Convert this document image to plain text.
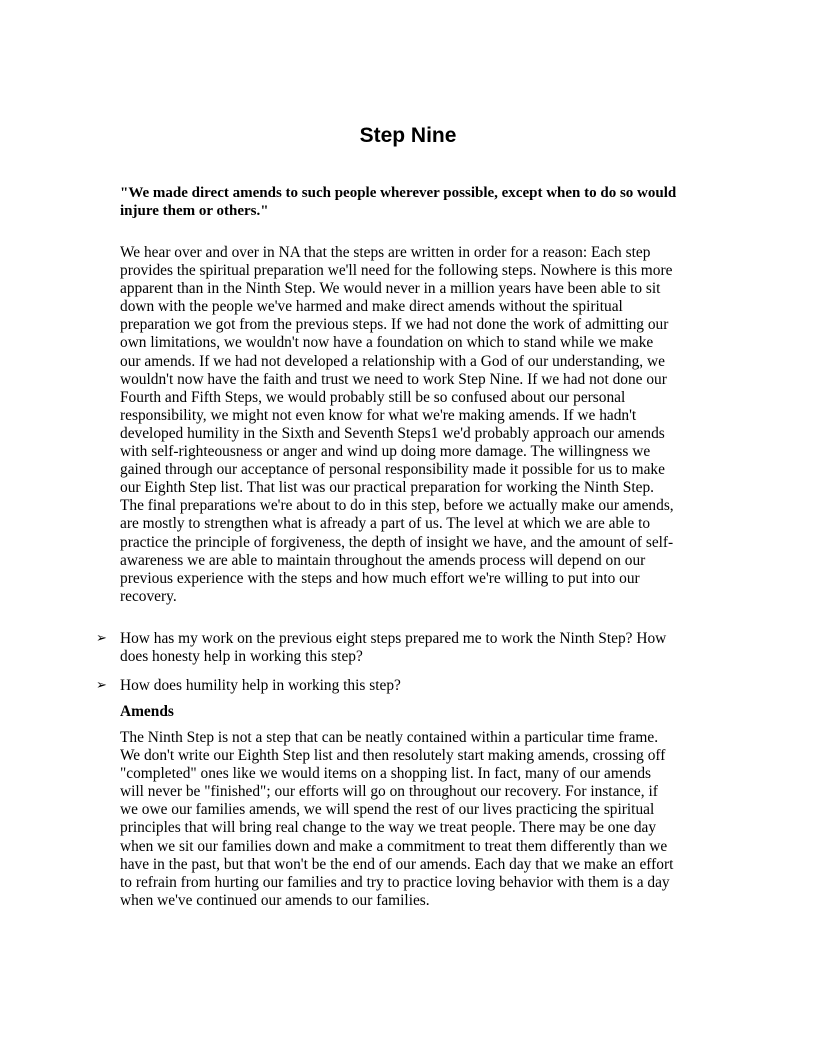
Step Nine
"We made direct amends to such people wherever possible, except when to do so would injure them or others."
We hear over and over in NA that the steps are written in order for a reason: Each step
provides the spiritual preparation we'll need for the following steps. Nowhere is this more
apparent than in the Ninth Step. We would never in a million years have been able to sit
down with the people we've harmed and make direct amends without the spiritual
preparation we got from the previous steps. If we had not done the work of admitting our
own limitations, we wouldn't now have a foundation on which to stand while we make
our amends. If we had not developed a relationship with a God of our understanding, we
wouldn't now have the faith and trust we need to work Step Nine. If we had not done our
Fourth and Fifth Steps, we would probably still be so confused about our personal
responsibility, we might not even know for what we're making amends. If we hadn't
developed humility in the Sixth and Seventh Steps1 we'd probably approach our amends
with self-righteousness or anger and wind up doing more damage. The willingness we
gained through our acceptance of personal responsibility made it possible for us to make
our Eighth Step list. That list was our practical preparation for working the Ninth Step.
The final preparations we're about to do in this step, before we actually make our amends,
are mostly to strengthen what is afready a part of us. The level at which we are able to
practice the principle of forgiveness, the depth of insight we have, and the amount of self-
awareness we are able to maintain throughout the amends process will depend on our
previous experience with the steps and how much effort we're willing to put into our
recovery.
➢ How has my work on the previous eight steps prepared me to work the Ninth Step? How
does honesty help in working this step?
➢ How does humility help in working this step?
Amends
The Ninth Step is not a step that can be neatly contained within a particular time frame.
We don't write our Eighth Step list and then resolutely start making amends, crossing off
"completed" ones like we would items on a shopping list. In fact, many of our amends
will never be "finished"; our efforts will go on throughout our recovery. For instance, if
we owe our families amends, we will spend the rest of our lives practicing the spiritual
principles that will bring real change to the way we treat people. There may be one day
when we sit our families down and make a commitment to treat them differently than we
have in the past, but that won't be the end of our amends. Each day that we make an effort
to refrain from hurting our families and try to practice loving behavior with them is a day
when we've continued our amends to our families.
